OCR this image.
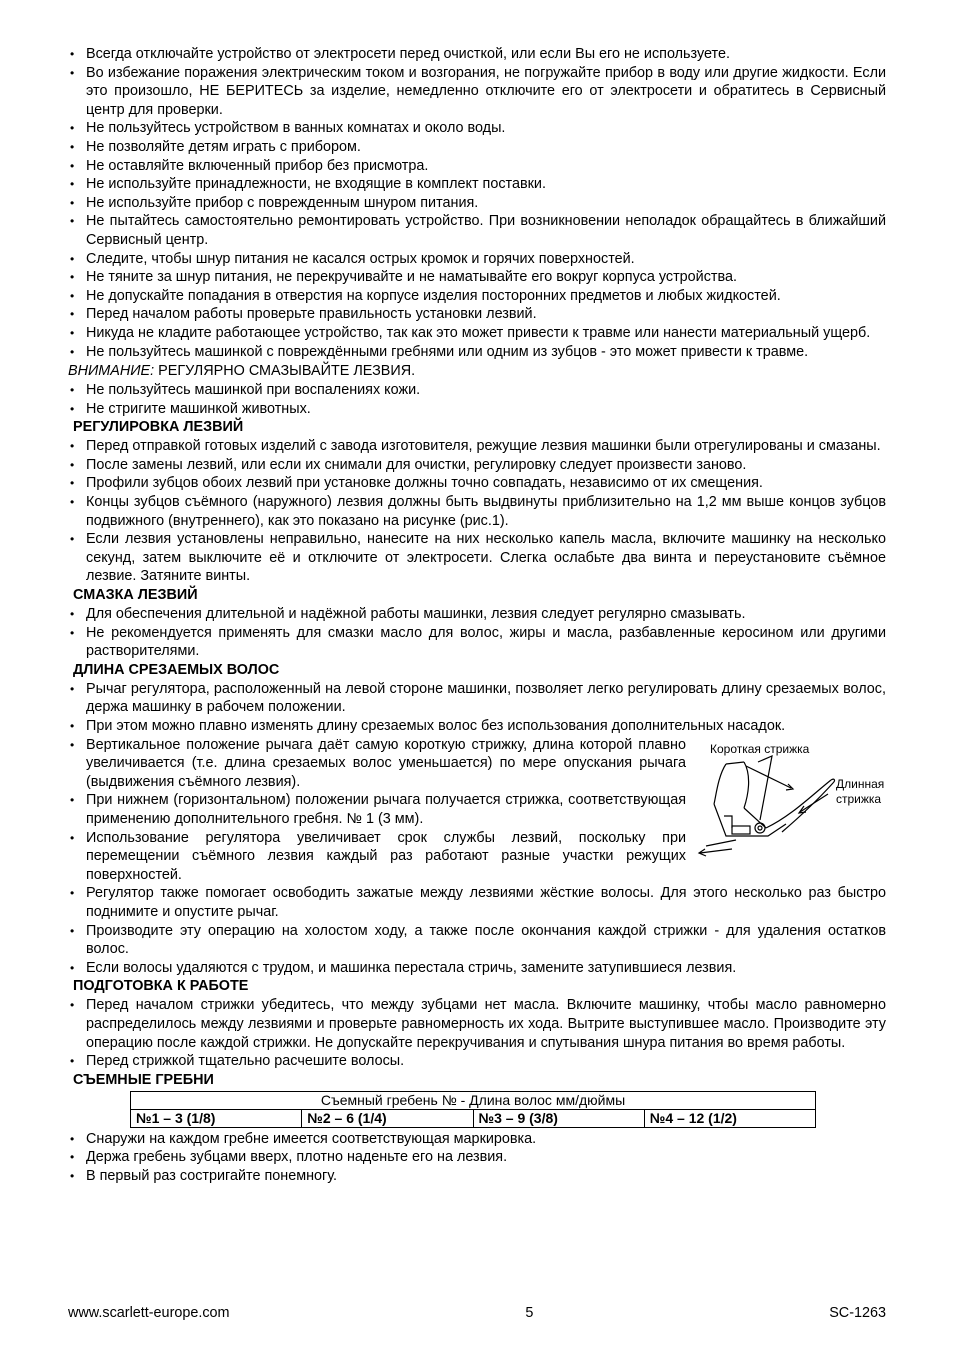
• Всегда отключайте устройство от электросети перед очисткой, или если Вы его не используете.
• Во избежание поражения электрическим током и возгорания, не погружайте прибор в воду или другие жидкости. Если это произошло, НЕ БЕРИТЕСЬ за изделие, немедленно отключите его от электросети и обратитесь в Сервисный центр для проверки.
• Не пользуйтесь устройством в ванных комнатах и около воды.
• Не позволяйте детям играть с прибором.
• Не оставляйте включенный прибор без присмотра.
• Не используйте принадлежности, не входящие в комплект поставки.
• Не используйте прибор с поврежденным шнуром питания.
• Не пытайтесь самостоятельно ремонтировать устройство. При возникновении неполадок обращайтесь в ближайший Сервисный центр.
• Следите, чтобы шнур питания не касался острых кромок и горячих поверхностей.
• Не тяните за шнур питания, не перекручивайте и не наматывайте его вокруг корпуса устройства.
• Не допускайте попадания в отверстия на корпусе изделия посторонних предметов и любых жидкостей.
• Перед началом работы проверьте правильность установки лезвий.
• Никуда не кладите работающее устройство, так как это может привести к травме или нанести материальный ущерб.
• Не пользуйтесь машинкой с повреждёнными гребнями или одним из зубцов - это может привести к травме.
ВНИМАНИЕ: РЕГУЛЯРНО СМАЗЫВАЙТЕ ЛЕЗВИЯ.
• Не пользуйтесь машинкой при воспалениях кожи.
• Не стригите машинкой животных.
РЕГУЛИРОВКА ЛЕЗВИЙ
• Перед отправкой готовых изделий с завода изготовителя, режущие лезвия машинки были отрегулированы и смазаны.
• После замены лезвий, или если их снимали для очистки, регулировку следует произвести заново.
• Профили зубцов обоих лезвий при установке должны точно совпадать, независимо от их смещения.
• Концы зубцов съёмного (наружного) лезвия должны быть выдвинуты приблизительно на 1,2 мм выше концов зубцов подвижного (внутреннего), как это показано на рисунке (рис.1).
• Если лезвия установлены неправильно, нанесите на них несколько капель масла, включите машинку на несколько секунд, затем выключите её и отключите от электросети. Слегка ослабьте два винта и переустановите съёмное лезвие. Затяните винты.
СМАЗКА ЛЕЗВИЙ
• Для обеспечения длительной и надёжной работы машинки, лезвия следует регулярно смазывать.
• Не рекомендуется применять для смазки масло для волос, жиры и масла, разбавленные керосином или другими растворителями.
ДЛИНА СРЕЗАЕМЫХ ВОЛОС
• Рычаг регулятора, расположенный на левой стороне машинки, позволяет легко регулировать длину срезаемых волос, держа машинку в рабочем положении.
• При этом можно плавно изменять длину срезаемых волос без использования дополнительных насадок.
• Вертикальное положение рычага даёт самую короткую стрижку, длина которой плавно увеличивается (т.е. длина срезаемых волос уменьшается) по мере опускания рычага (выдвижения съёмного лезвия).
• При нижнем (горизонтальном) положении рычага получается стрижка, соответствующая применению дополнительного гребня. № 1 (3 мм).
• Использование регулятора увеличивает срок службы лезвий, поскольку при перемещении съёмного лезвия каждый раз работают разные участки режущих поверхностей.
Короткая стрижка
Длинная
стрижка
• Регулятор также помогает освободить зажатые между лезвиями жёсткие волосы. Для этого несколько раз быстро поднимите и опустите рычаг.
• Производите эту операцию на холостом ходу, а также после окончания каждой стрижки - для удаления остатков волос.
• Если волосы удаляются с трудом, и машинка перестала стричь, замените затупившиеся лезвия.
ПОДГОТОВКА К РАБОТЕ
• Перед началом стрижки убедитесь, что между зубцами нет масла. Включите машинку, чтобы масло равномерно распределилось между лезвиями и проверьте равномерность их хода. Вытрите выступившее масло. Производите эту операцию после каждой стрижки. Не допускайте перекручивания и спутывания шнура питания во время работы.
• Перед стрижкой тщательно расчешите волосы.
СЪЕМНЫЕ ГРЕБНИ
Съемный гребень № - Длина волос мм/дюймы
№1 – 3 (1/8)	№2 – 6 (1/4)	№3 – 9 (3/8)	№4 – 12 (1/2)
• Снаружи на каждом гребне имеется соответствующая маркировка.
• Держа гребень зубцами вверх, плотно наденьте его на лезвия.
• В первый раз состригайте понемногу.
www.scarlett-europe.com	5	SC-1263
